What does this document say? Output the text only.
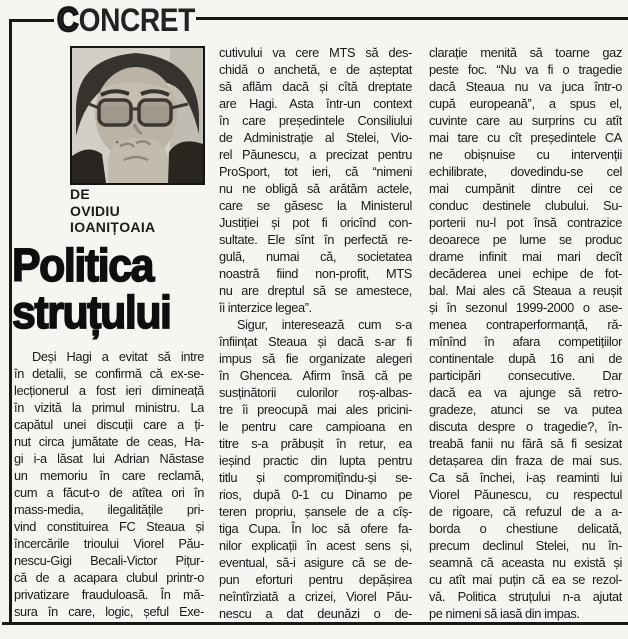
CONCRET
DE
OVIDIU
IOANIȚOAIA
Politica
struțului
Deși Hagi a evitat să intre
în detalii, se confirmă că ex-se-
lecționerul a fost ieri dimineață
în vizită la primul ministru. La
capătul unei discuții care a ți-
nut circa jumătate de ceas, Ha-
gi i-a lăsat lui Adrian Năstase
un memoriu în care reclamă,
cum a făcut-o de atîtea ori în
mass-media, ilegalitățile pri-
vind constituirea FC Steaua și
încercările trioului Viorel Pău-
nescu-Gigi Becali-Victor Pițur-
că de a acapara clubul printr-o
privatizare frauduloasă. În mă-
sura în care, logic, șeful Exe-
cutivului va cere MTS să des-
chidă o anchetă, e de așteptat
să aflăm dacă și cîtă dreptate
are Hagi. Asta într-un context
în care președintele Consiliului
de Administrație al Stelei, Vio-
rel Păunescu, a precizat pentru
ProSport, tot ieri, că “nimeni
nu ne obligă să arătăm actele,
care se găsesc la Ministerul
Justiției și pot fi oricînd con-
sultate. Ele sînt în perfectă re-
gulă, numai că, societatea
noastră fiind non-profit, MTS
nu are dreptul să se amestece,
îi interzice legea”.
Sigur, interesează cum s-a
înființat Steaua și dacă s-ar fi
impus să fie organizate alegeri
în Ghencea. Afirm însă că pe
susținătorii culorilor roș-albas-
tre îi preocupă mai ales pricini-
le pentru care campioana en
titre s-a prăbușit în retur, ea
ieșind practic din lupta pentru
titlu și compromițîndu-și se-
rios, după 0-1 cu Dinamo pe
teren propriu, șansele de a cîș-
tiga Cupa. În loc să ofere fa-
nilor explicații în acest sens și,
eventual, să-i asigure că se de-
pun eforturi pentru depășirea
neîntîrziată a crizei, Viorel Pău-
nescu a dat deunăzi o de-
clarație menită să toarne gaz
peste foc. “Nu va fi o tragedie
dacă Steaua nu va juca într-o
cupă europeană”, a spus el,
cuvinte care au surprins cu atît
mai tare cu cît președintele CA
ne obișnuise cu intervenții
echilibrate, dovedindu-se cel
mai cumpănit dintre cei ce
conduc destinele clubului. Su-
porterii nu-l pot însă contrazice
deoarece pe lume se produc
drame infinit mai mari decît
decăderea unei echipe de fot-
bal. Mai ales că Steaua a reușit
și în sezonul 1999-2000 o ase-
menea contraperformanță, ră-
mînînd în afara competițiilor
continentale după 16 ani de
participări consecutive. Dar
dacă ea va ajunge să retro-
gradeze, atunci se va putea
discuta despre o tragedie?, în-
treabă fanii nu fără să fi sesizat
detașarea din fraza de mai sus.
Ca să închei, i-aș reaminti lui
Viorel Păunescu, cu respectul
de rigoare, că refuzul de a a-
borda o chestiune delicată,
precum declinul Stelei, nu în-
seamnă că aceasta nu există și
cu atît mai puțin că ea se rezol-
vă. Politica struțului n-a ajutat
pe nimeni să iasă din impas.
